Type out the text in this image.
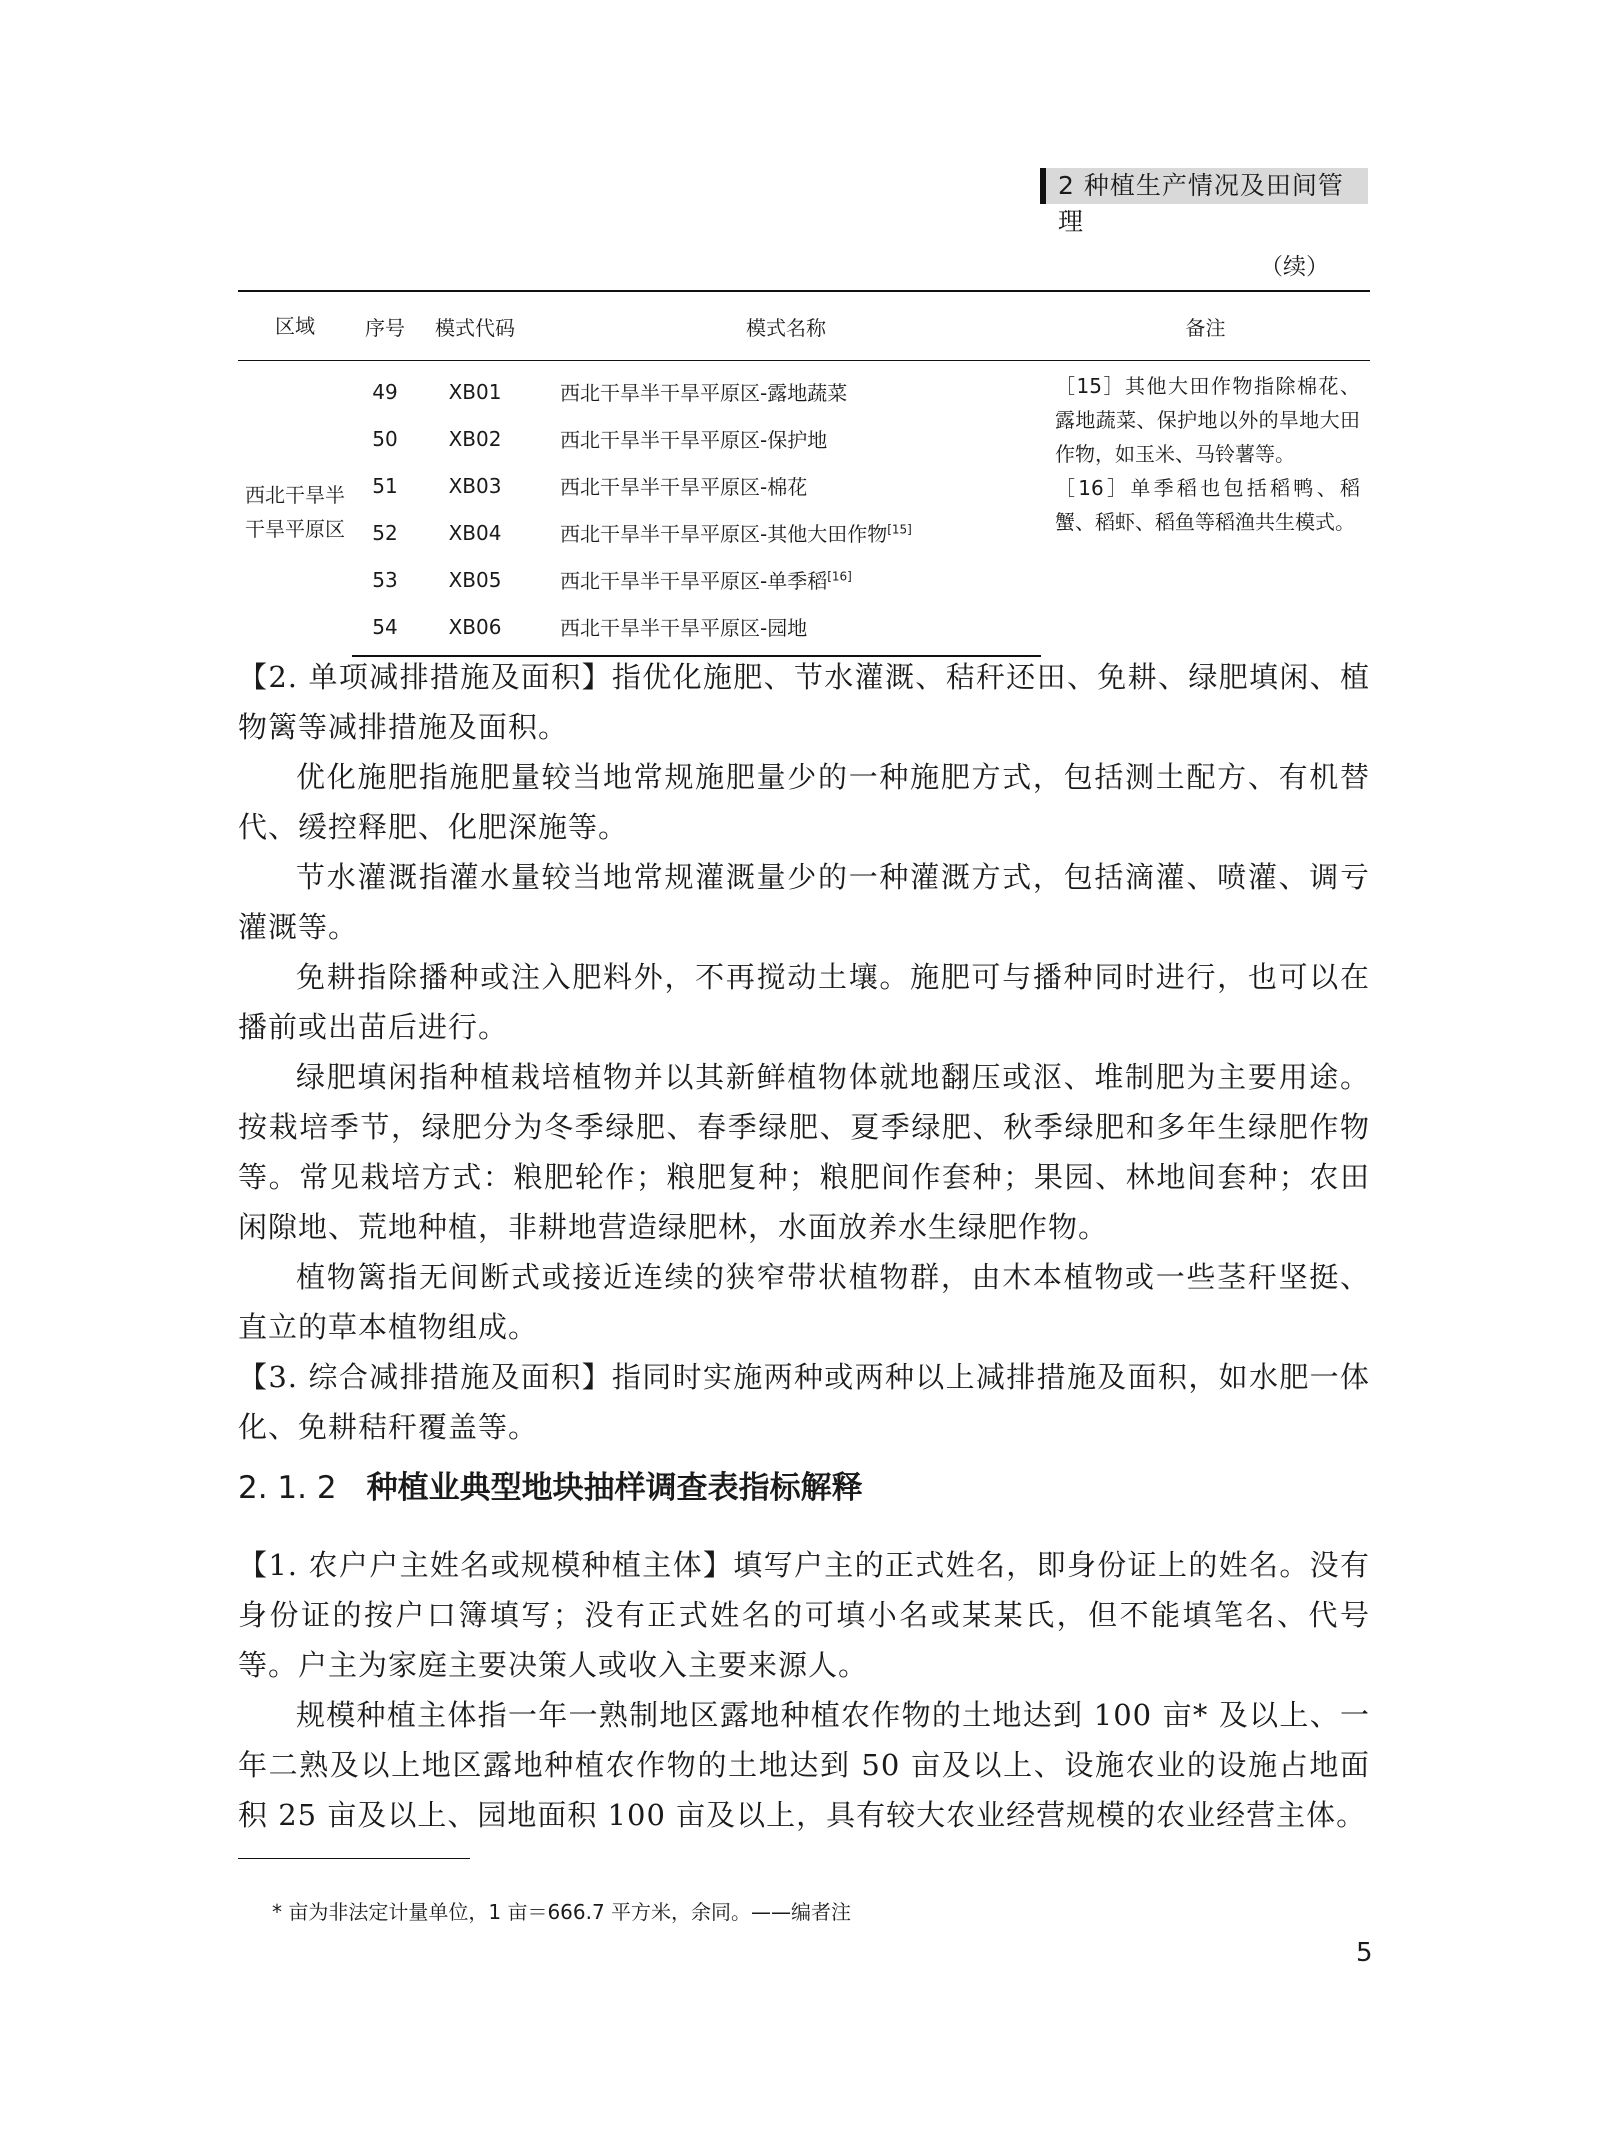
2 种植生产情况及田间管理
（续）
区域	序号	模式代码	模式名称	备注
西北干旱半干旱平原区	49	XB01	西北干旱半干旱平原区-露地蔬菜	［15］其他大田作物指除棉花、露地蔬菜、保护地以外的旱地大田作物，如玉米、马铃薯等。

［16］单季稻也包括稻鸭、稻蟹、稻虾、稻鱼等稻渔共生模式。

	50	XB02	西北干旱半干旱平原区-保护地	
	51	XB03	西北干旱半干旱平原区-棉花	
	52	XB04	西北干旱半干旱平原区-其他大田作物[15]
	53	XB05	西北干旱半干旱平原区-单季稻[16]
	54	XB06	西北干旱半干旱平原区-园地	

【2. 单项减排措施及面积】指优化施肥、节水灌溉、秸秆还田、免耕、绿肥填闲、植物篱等减排措施及面积。

优化施肥指施肥量较当地常规施肥量少的一种施肥方式，包括测土配方、有机替代、缓控释肥、化肥深施等。

节水灌溉指灌水量较当地常规灌溉量少的一种灌溉方式，包括滴灌、喷灌、调亏灌溉等。

免耕指除播种或注入肥料外，不再搅动土壤。施肥可与播种同时进行，也可以在播前或出苗后进行。

绿肥填闲指种植栽培植物并以其新鲜植物体就地翻压或沤、堆制肥为主要用途。按栽培季节，绿肥分为冬季绿肥、春季绿肥、夏季绿肥、秋季绿肥和多年生绿肥作物等。常见栽培方式：粮肥轮作；粮肥复种；粮肥间作套种；果园、林地间套种；农田闲隙地、荒地种植，非耕地营造绿肥林，水面放养水生绿肥作物。

植物篱指无间断式或接近连续的狭窄带状植物群，由木本植物或一些茎秆坚挺、直立的草本植物组成。

【3. 综合减排措施及面积】指同时实施两种或两种以上减排措施及面积，如水肥一体化、免耕秸秆覆盖等。

2. 1. 2 种植业典型地块抽样调查表指标解释

【1. 农户户主姓名或规模种植主体】填写户主的正式姓名，即身份证上的姓名。没有身份证的按户口簿填写；没有正式姓名的可填小名或某某氏，但不能填笔名、代号等。户主为家庭主要决策人或收入主要来源人。

规模种植主体指一年一熟制地区露地种植农作物的土地达到 100 亩* 及以上、一年二熟及以上地区露地种植农作物的土地达到 50 亩及以上、设施农业的设施占地面积 25 亩及以上、园地面积 100 亩及以上，具有较大农业经营规模的农业经营主体。

* 亩为非法定计量单位，1 亩＝666.7 平方米，余同。——编者注
5
